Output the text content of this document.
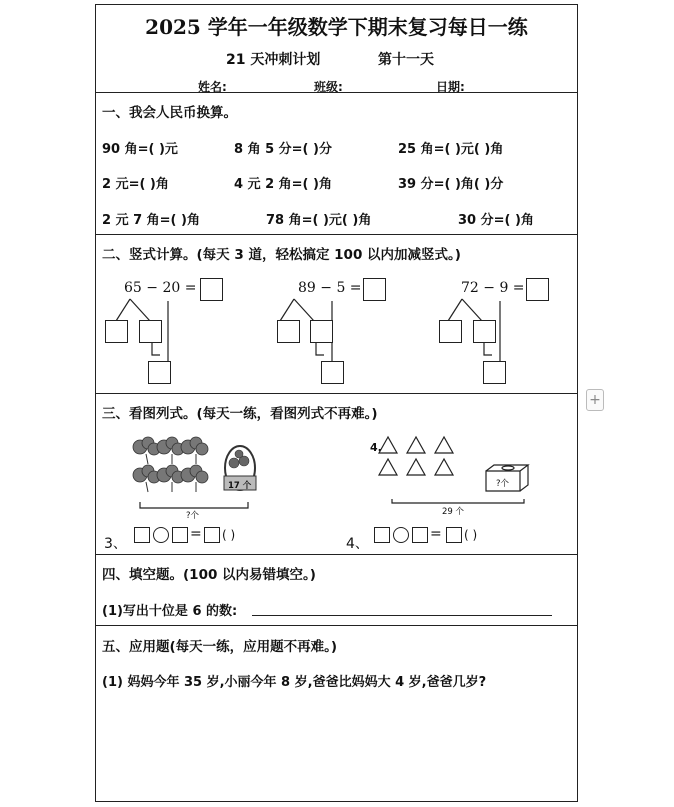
2025 学年一年级数学下期末复习每日一练
21 天冲刺计划	第十一天
姓名:	班级:	日期:
一、我会人民币换算。
90 角=( )元	8 角 5 分=( )分	25 角=( )元( )角
2 元=( )角	4 元 2 角=( )角	39 分=( )角( )分
2 元 7 角=( )角	78 角=( )元( )角	30 分=( )角
二、竖式计算。(每天 3 道，轻松搞定 100 以内加减竖式。)
65 − 20 =	89 − 5 =	72 − 9 =
三、看图列式。(每天一练，看图列式不再难。)
17 个
?个
4.
?个
29 个
3、
= ( )
4、
= ( )
四、填空题。(100 以内易错填空。)
(1)写出十位是 6 的数:
五、应用题(每天一练，应用题不再难。)
(1) 妈妈今年 35 岁,小丽今年 8 岁,爸爸比妈妈大 4 岁,爸爸几岁?
+
